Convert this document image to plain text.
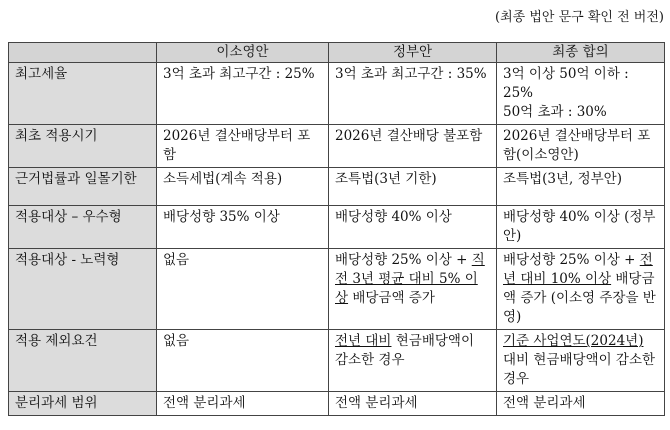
(최종 법안 문구 확인 전 버전)
	이소영안	정부안	최종 합의
최고세율	3억 초과 최고구간 : 25%	3억 초과 최고구간 : 35%	3억 이상 50억 이하 : 25%
50억 초과 : 30%

최초 적용시기	2026년 결산배당부터 포함	2026년 결산배당 불포함	2026년 결산배당부터 포함(이소영안)
근거법률과 일몰기한	소득세법(계속 적용)	조특법(3년 기한)	조특법(3년, 정부안)
적용대상 – 우수형	배당성향 35% 이상	배당성향 40% 이상	배당성향 40% 이상 (정부안)
적용대상 - 노력형	없음	배당성향 25% 이상 + 직전 3년 평균 대비 5% 이상 배당금액 증가	배당성향 25% 이상 + 전년 대비 10% 이상 배당금액 증가 (이소영 주장을 반영)
적용 제외요건	없음	전년 대비 현금배당액이 감소한 경우	기준 사업연도(2024년) 대비 현금배당액이 감소한 경우
분리과세 범위	전액 분리과세	전액 분리과세	전액 분리과세
